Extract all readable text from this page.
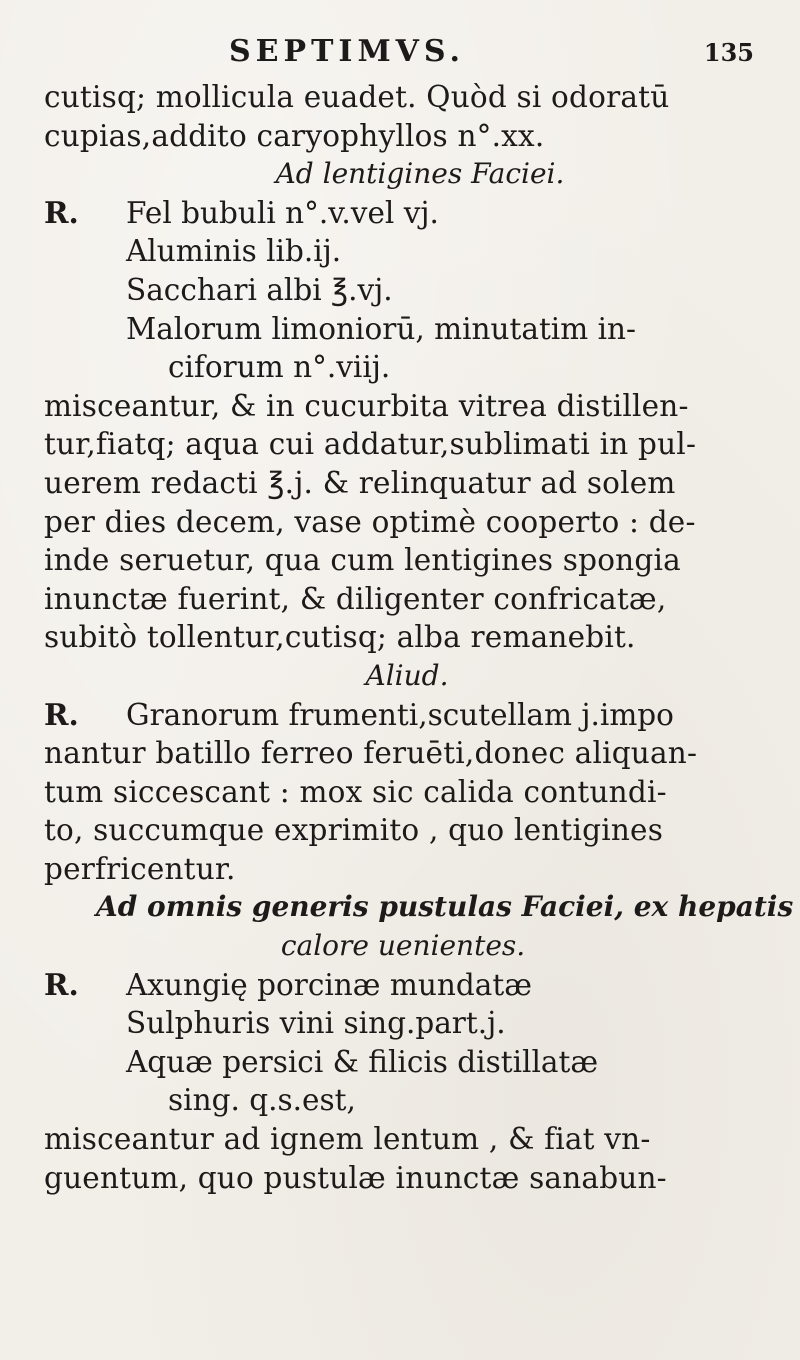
SEPTIMVS.	135
cutisq; mollicula euadet. Quòd si odoratū
cupias,addito caryophyllos n°.xx.
Ad lentigines Faciei.
R. Fel bubuli n°.v.vel vj.
Aluminis lib.ij.
Sacchari albi ℥.vj.
Malorum limoniorū, minutatim in-
ciforum n°.viij.
misceantur, & in cucurbita vitrea distillen-
tur,fiatq; aqua cui addatur,sublimati in pul-
uerem redacti ℥.j. & relinquatur ad solem
per dies decem, vase optimè cooperto : de-
inde seruetur, qua cum lentigines spongia
inunctæ fuerint, & diligenter confricatæ,
subitò tollentur,cutisq; alba remanebit.
Aliud.
R. Granorum frumenti,scutellam j.impo
nantur batillo ferreo feruēti,donec aliquan-
tum siccescant : mox sic calida contundi-
to, succumque exprimito , quo lentigines
perfricentur.
Ad omnis generis pustulas Faciei, ex hepatis
calore uenientes.
R. Axungię porcinæ mundatæ
Sulphuris vini sing.part.j.
Aquæ persici & filicis distillatæ
sing. q.s.est,
misceantur ad ignem lentum , & fiat vn-
guentum, quo pustulæ inunctæ sanabun-
